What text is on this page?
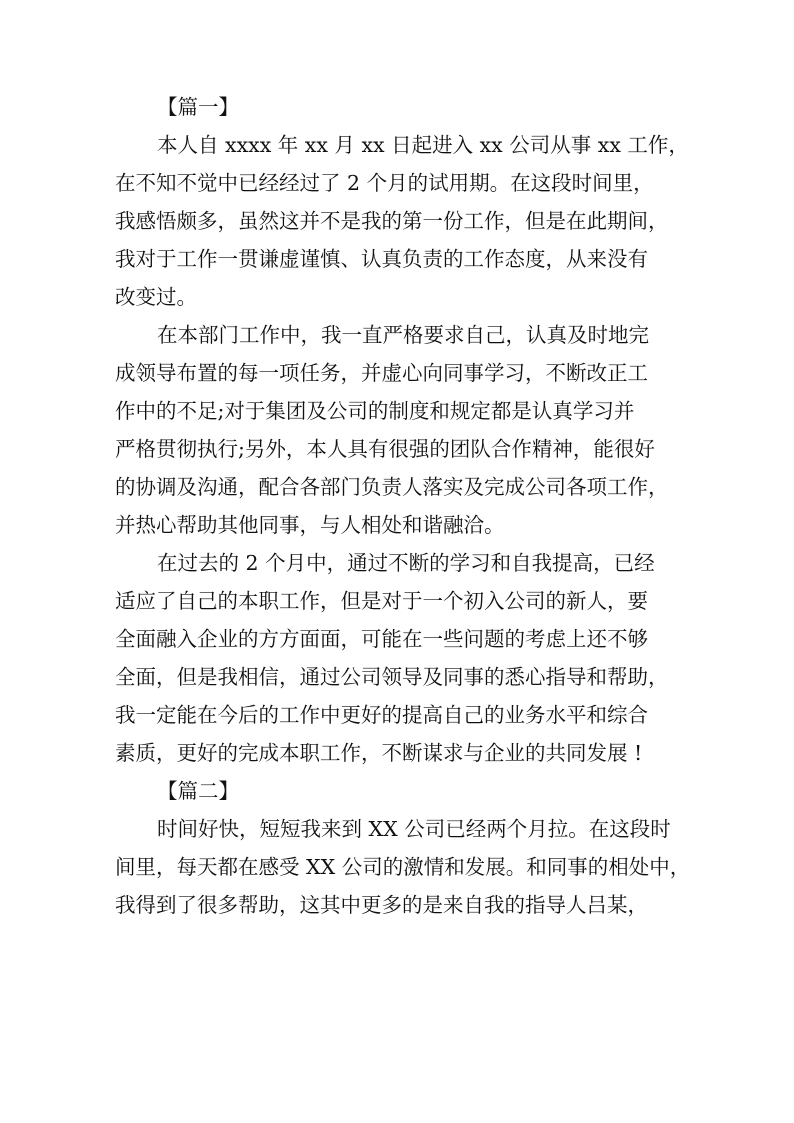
【篇一】

本人自 xxxx 年 xx 月 xx 日起进入 xx 公司从事 xx 工作，

在不知不觉中已经经过了 2 个月的试用期。在这段时间里，

我感悟颇多，虽然这并不是我的第一份工作，但是在此期间，

我对于工作一贯谦虚谨慎、认真负责的工作态度，从来没有

改变过。

在本部门工作中，我一直严格要求自己，认真及时地完

成领导布置的每一项任务，并虚心向同事学习，不断改正工

作中的不足;对于集团及公司的制度和规定都是认真学习并

严格贯彻执行;另外，本人具有很强的团队合作精神，能很好

的协调及沟通，配合各部门负责人落实及完成公司各项工作，

并热心帮助其他同事，与人相处和谐融洽。

在过去的 2 个月中，通过不断的学习和自我提高，已经

适应了自己的本职工作，但是对于一个初入公司的新人，要

全面融入企业的方方面面，可能在一些问题的考虑上还不够

全面，但是我相信，通过公司领导及同事的悉心指导和帮助，

我一定能在今后的工作中更好的提高自己的业务水平和综合

素质，更好的完成本职工作，不断谋求与企业的共同发展 !

【篇二】

时间好快，短短我来到 XX 公司已经两个月拉。在这段时

间里，每天都在感受 XX 公司的激情和发展。和同事的相处中，

我得到了很多帮助，这其中更多的是来自我的指导人吕某，
